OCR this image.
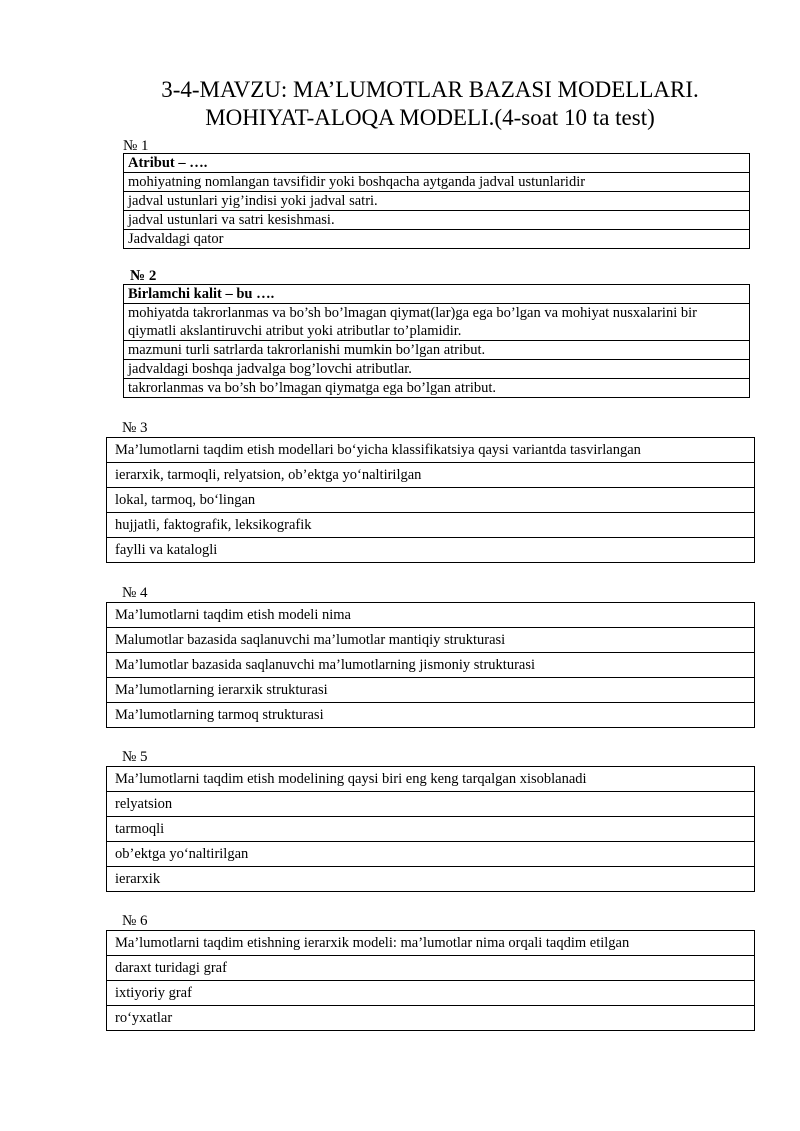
3-4-MAVZU: MA’LUMOTLAR BAZASI MODELLARI.
MOHIYAT-ALOQA MODELI.(4-soat 10 ta test)
№ 1
Atribut – ….
mohiyatning nomlangan tavsifidir yoki boshqacha aytganda jadval ustunlaridir
jadval ustunlari yig’indisi yoki jadval satri.
jadval ustunlari va satri kesishmasi.
Jadvaldagi qator
№ 2
Birlamchi kalit – bu ….
mohiyatda takrorlanmas va bo’sh bo’lmagan qiymat(lar)ga ega bo’lgan va mohiyat nusxalarini bir qiymatli akslantiruvchi atribut yoki atributlar to’plamidir.
mazmuni turli satrlarda takrorlanishi mumkin bo’lgan atribut.
jadvaldagi boshqa jadvalga bog’lovchi atributlar.
takrorlanmas va bo’sh bo’lmagan qiymatga ega bo’lgan atribut.
№ 3
Ma’lumotlarni taqdim etish modellari bo‘yicha klassifikatsiya qaysi variantda tasvirlangan
ierarxik, tarmoqli, relyatsion, ob’ektga yo‘naltirilgan
lokal, tarmoq, bo‘lingan
hujjatli, faktografik, leksikografik
faylli va katalogli
№ 4
Ma’lumotlarni taqdim etish modeli nima
Malumotlar bazasida saqlanuvchi ma’lumotlar mantiqiy strukturasi
Ma’lumotlar bazasida saqlanuvchi ma’lumotlarning jismoniy strukturasi
Ma’lumotlarning ierarxik strukturasi
Ma’lumotlarning tarmoq strukturasi
№ 5
Ma’lumotlarni taqdim etish modelining qaysi biri eng keng tarqalgan xisoblanadi
relyatsion
tarmoqli
ob’ektga yo‘naltirilgan
ierarxik
№ 6
Ma’lumotlarni taqdim etishning ierarxik modeli: ma’lumotlar nima orqali taqdim etilgan
daraxt turidagi graf
ixtiyoriy graf
ro‘yxatlar
